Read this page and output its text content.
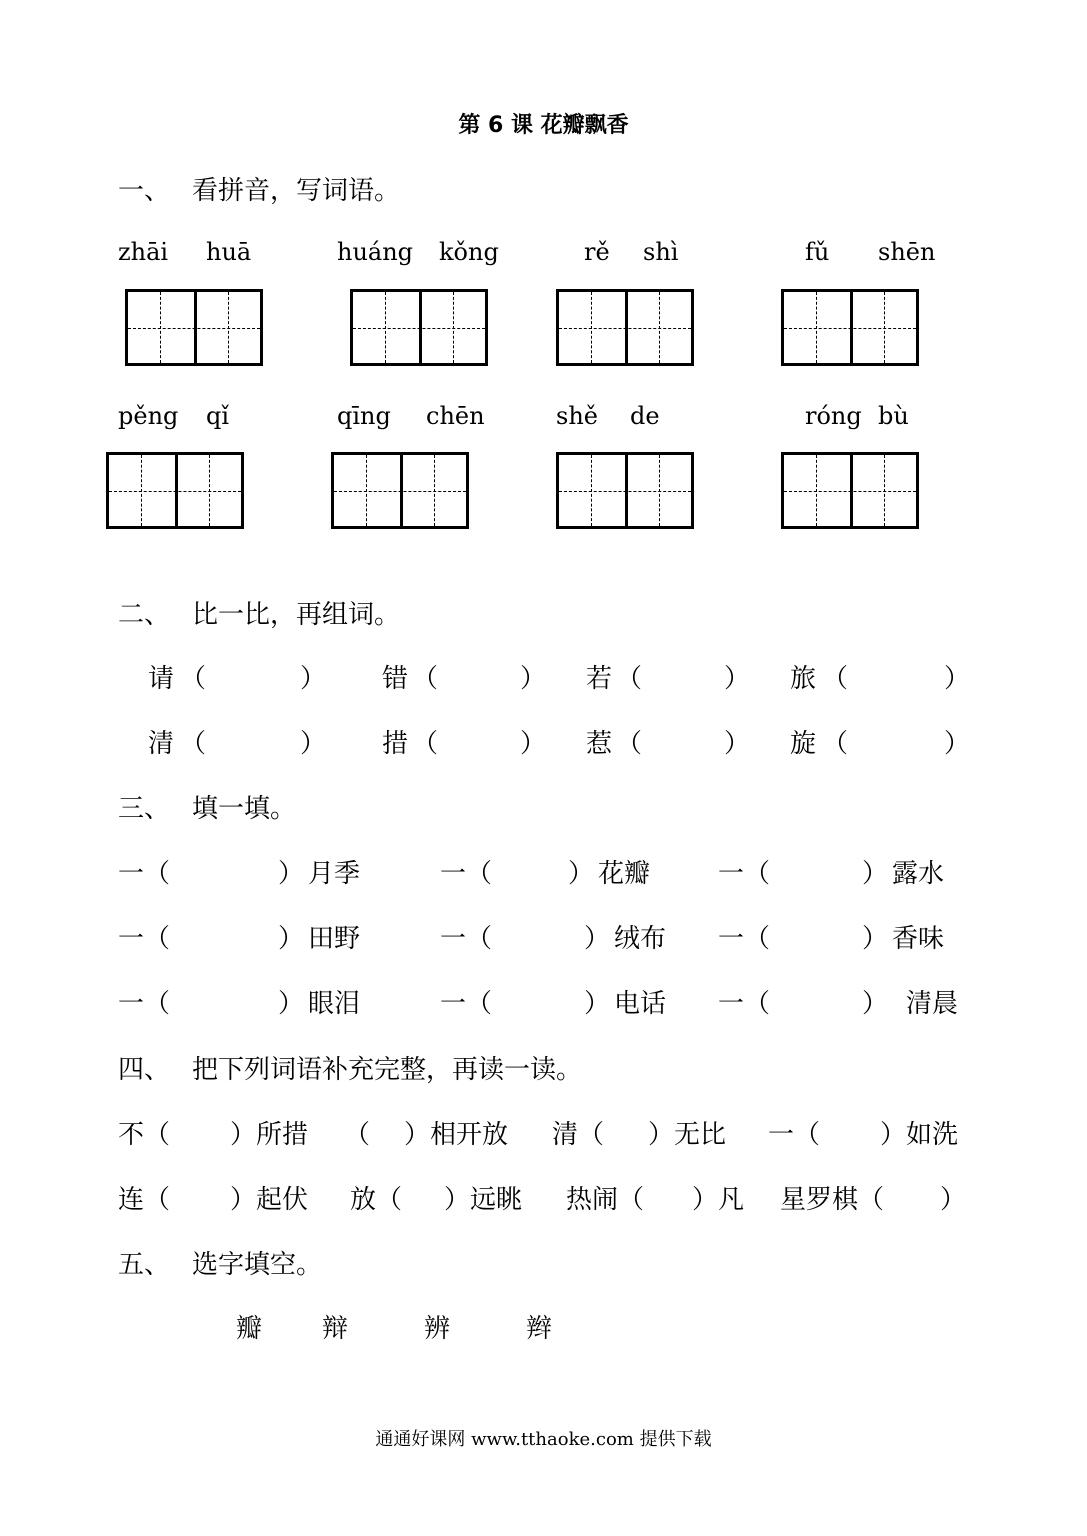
第 6 课 花瓣飘香
一、 看拼音，写词语。
zhāi huā	huáng kǒng	rě shì	fǔ shēn
pěng qǐ	qīng chēn	shě de	róng bù
二、 比一比，再组词。
请 （	） 错 （	） 若 （	） 旅 （	）
清 （	） 措 （	） 惹 （	） 旋 （	）
三、 填一填。
一（	） 月季	一（	） 花瓣	一（	） 露水
一（	） 田野	一（	） 绒布 一（	） 香味
一（	） 眼泪	一（	） 电话 一（	） 清晨
四、 把下列词语补充完整，再读一读。
不（ ）所措 （ ）相开放 清（ ）无比 一（ ）如洗
连（ ）起伏 放（ ）远眺 热闹（ ）凡 星罗棋（ ）
五、 选字填空。
瓣 辩	辨	辫
通通好课网 www.tthaoke.com 提供下载
